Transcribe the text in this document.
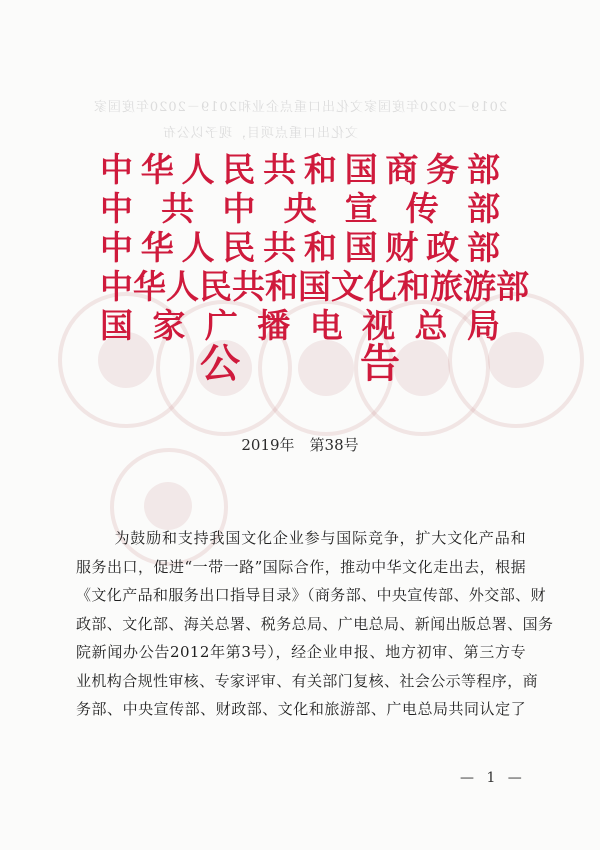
2019－2020年度国家文化出口重点企业和2019－2020年度国家
文化出口重点项目，现予以公布
中 华 人 民 共 和 国 商 务 部
中 共 中 央 宣 传 部
中 华 人 民 共 和 国 财 政 部
中 华 人 民 共 和 国 文 化 和 旅 游 部
国 家 广 播 电 视 总 局
公	告
2019年　第38号
为鼓励和支持我国文化企业参与国际竞争，扩大文化产品和
服务出口，促进“一带一路”国际合作，推动中华文化走出去，根据
《文化产品和服务出口指导目录》（商务部、中央宣传部、外交部、财
政部、文化部、海关总署、税务总局、广电总局、新闻出版总署、国务
院新闻办公告2012年第3号），经企业申报、地方初审、第三方专
业机构合规性审核、专家评审、有关部门复核、社会公示等程序，商
务部、中央宣传部、财政部、文化和旅游部、广电总局共同认定了
— 1 —
